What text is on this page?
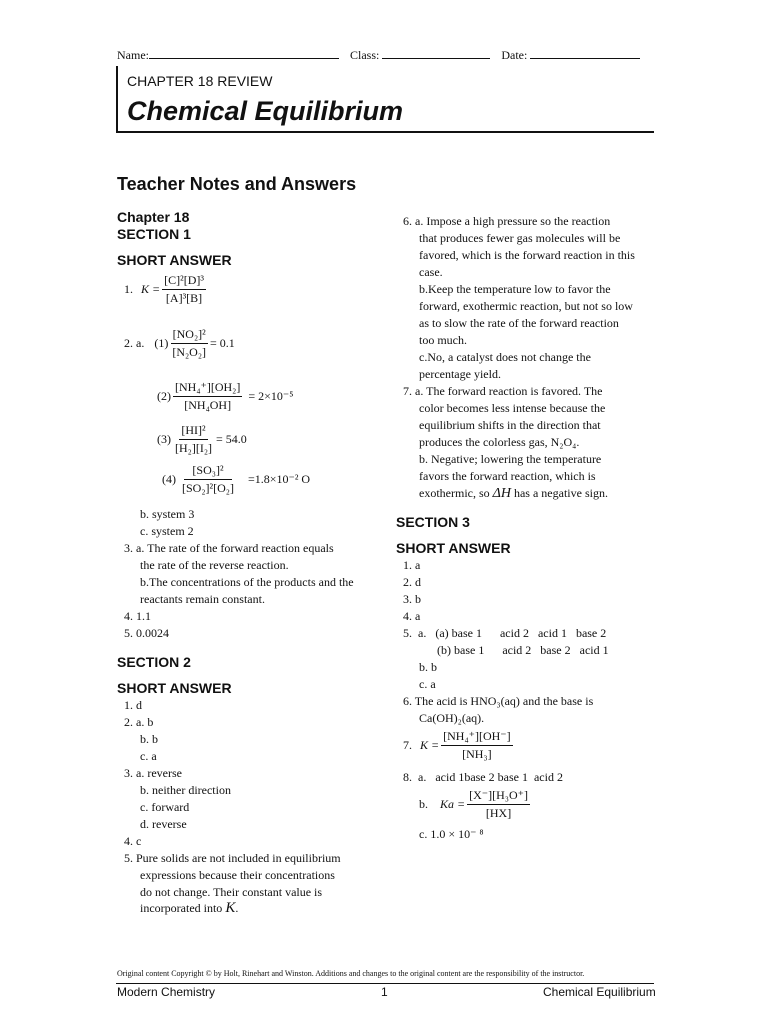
Name:	Class:	Date:
CHAPTER 18 REVIEW
Chemical Equilibrium
Teacher Notes and Answers
Chapter 18
SECTION 1
SHORT ANSWER
1. $K = \frac{\text{[C]²[D]³}}{\text{[A]³[B]}}$
2. a. $(1) \frac{\text{[NO₂]²}}{\text{[N₂O₂]}} = 0.1$
$(2) \frac{\text{[NH₄⁺][OH₂]}}{\text{[NH₄OH]}} = 2\times 10^{-5}$
$(3) \frac{\text{[HI]²}}{\text{[H₂][I₂]}} = 54.0$
$(4) \frac{\text{[SO₃]²}}{\text{[SO₂]²[O₂]}} =1.8\times 10^{-2}$ O
b. system 3
c. system 2
3. a. The rate of the forward reaction equals
the rate of the reverse reaction.
b.The concentrations of the products and the
reactants remain constant.
4. 1.1
5. 0.0024
SECTION 2
SHORT ANSWER
1. d
2. a. b
b. b
c. a
3. a. reverse
b. neither direction
c. forward
d. reverse
4. c
5. Pure solids are not included in equilibrium
expressions because their concentrations
do not change. Their constant value is
incorporated into K.
6. a. Impose a high pressure so the reaction
that produces fewer gas molecules will be
favored, which is the forward reaction in this
case.
b.Keep the temperature low to favor the
forward, exothermic reaction, but not so low
as to slow the rate of the forward reaction
too much.
c.No, a catalyst does not change the
percentage yield.
7. a. The forward reaction is favored. The
color becomes less intense because the
equilibrium shifts in the direction that
produces the colorless gas, N₂O₄.
b. Negative; lowering the temperature
favors the forward reaction, which is
exothermic, so ΔH has a negative sign.
SECTION 3
SHORT ANSWER
1. a
2. d
3. b
4. a
5.  a.   (a) base 1      acid 2   acid 1   base 2
(b) base 1      acid 2   base 2   acid 1
b. b
c. a
6. The acid is HNO₃(aq) and the base is
Ca(OH)₂(aq).
7. $K = \frac{\text{[NH₄⁺][OH⁻]}}{\text{[NH₃]}}$
8.  a.   acid 1base 2 base 1  acid 2
b. $Ka = \frac{\text{[X⁻][H₃O⁺]}}{[HX]}$
c. 1.0 × 10⁻ ⁸
Original content Copyright © by Holt, Rinehart and Winston. Additions and changes to the original content are the responsibility of the instructor.
Modern Chemistry	1	Chemical Equilibrium
